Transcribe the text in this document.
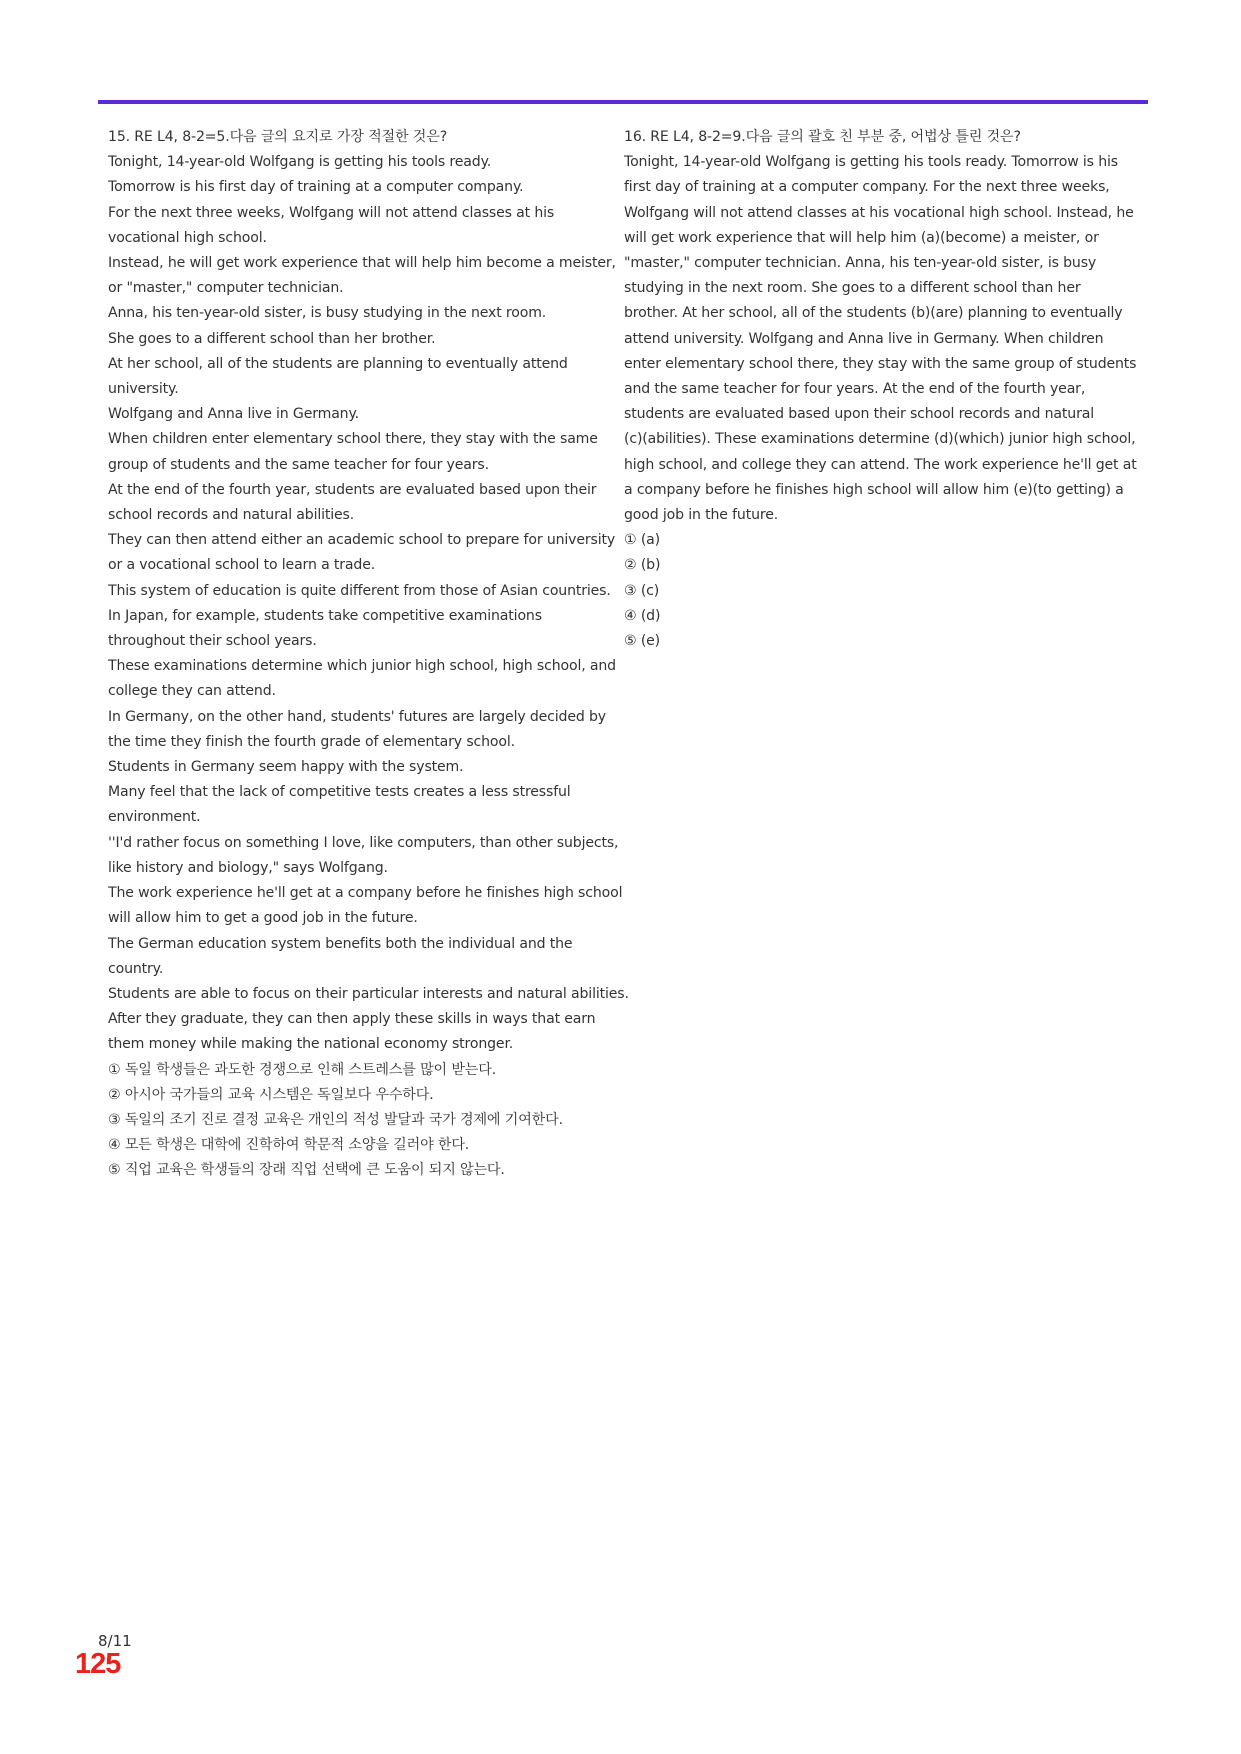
15. RE L4, 8-2=5.다음 글의 요지로 가장 적절한 것은?

Tonight, 14-year-old Wolfgang is getting his tools ready.

Tomorrow is his first day of training at a computer company.

For the next three weeks, Wolfgang will not attend classes at his

vocational high school.

Instead, he will get work experience that will help him become a meister,

or "master," computer technician.

Anna, his ten-year-old sister, is busy studying in the next room.

She goes to a different school than her brother.

At her school, all of the students are planning to eventually attend

university.

Wolfgang and Anna live in Germany.

When children enter elementary school there, they stay with the same

group of students and the same teacher for four years.

At the end of the fourth year, students are evaluated based upon their

school records and natural abilities.

They can then attend either an academic school to prepare for university

or a vocational school to learn a trade.

This system of education is quite different from those of Asian countries.

In Japan, for example, students take competitive examinations

throughout their school years.

These examinations determine which junior high school, high school, and

college they can attend.

In Germany, on the other hand, students' futures are largely decided by

the time they finish the fourth grade of elementary school.

Students in Germany seem happy with the system.

Many feel that the lack of competitive tests creates a less stressful

environment.

''I'd rather focus on something I love, like computers, than other subjects,

like history and biology," says Wolfgang.

The work experience he'll get at a company before he finishes high school

will allow him to get a good job in the future.

The German education system benefits both the individual and the

country.

Students are able to focus on their particular interests and natural abilities.

After they graduate, they can then apply these skills in ways that earn

them money while making the national economy stronger.

① 독일 학생들은 과도한 경쟁으로 인해 스트레스를 많이 받는다.

② 아시아 국가들의 교육 시스템은 독일보다 우수하다.

③ 독일의 조기 진로 결정 교육은 개인의 적성 발달과 국가 경제에 기여한다.

④ 모든 학생은 대학에 진학하여 학문적 소양을 길러야 한다.

⑤ 직업 교육은 학생들의 장래 직업 선택에 큰 도움이 되지 않는다.

16. RE L4, 8-2=9.다음 글의 괄호 친 부분 중, 어법상 틀린 것은?

Tonight, 14-year-old Wolfgang is getting his tools ready. Tomorrow is his

first day of training at a computer company. For the next three weeks,

Wolfgang will not attend classes at his vocational high school. Instead, he

will get work experience that will help him (a)(become) a meister, or

"master," computer technician. Anna, his ten-year-old sister, is busy

studying in the next room. She goes to a different school than her

brother. At her school, all of the students (b)(are) planning to eventually

attend university. Wolfgang and Anna live in Germany. When children

enter elementary school there, they stay with the same group of students

and the same teacher for four years. At the end of the fourth year,

students are evaluated based upon their school records and natural

(c)(abilities). These examinations determine (d)(which) junior high school,

high school, and college they can attend. The work experience he'll get at

a company before he finishes high school will allow him (e)(to getting) a

good job in the future.

① (a)

② (b)

③ (c)

④ (d)

⑤ (e)

8/11
125
